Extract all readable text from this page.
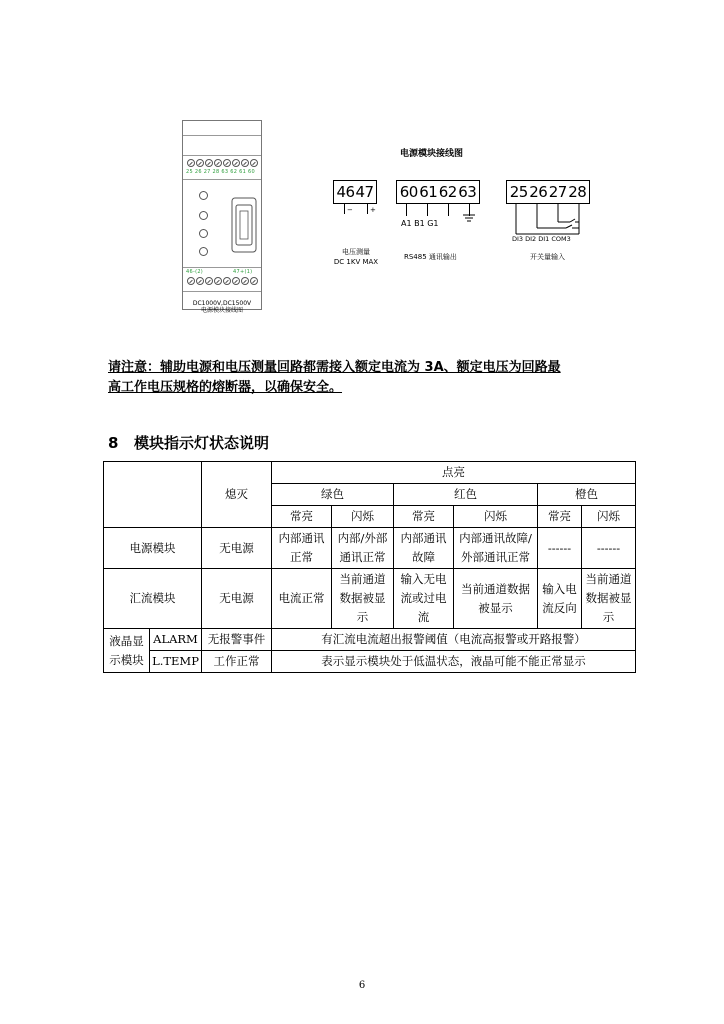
25 26 27 28 63 62 61 60
46-(2)	47+(1)
DC1000V,DC1500V
电源模块接线图
电源模块接线图
46 47
− +
电压测量
DC 1KV MAX
60 61 62 63
A1 B1 G1
RS485 通讯输出
25 26 27 28
DI3 DI2 DI1 COM3
开关量输入
请注意：辅助电源和电压测量回路都需接入额定电流为 3A、额定电压为回路最
高工作电压规格的熔断器，以确保安全。
8 模块指示灯状态说明
		熄灭	点亮					
			绿色		红色		橙色	
			常亮	闪烁	常亮	闪烁	常亮	闪烁
电源模块		无电源	内部通讯正常	内部/外部通讯正常	内部通讯故障	内部通讯故障/外部通讯正常	------	------
汇流模块		无电源	电流正常	当前通道数据被显示	输入无电流或过电流	当前通道数据被显示	输入电流反向	当前通道数据被显示
液晶显示模块	ALARM	无报警事件	有汇流电流超出报警阈值（电流高报警或开路报警）					
	L.TEMP	工作正常	表示显示模块处于低温状态，液晶可能不能正常显示					
6
